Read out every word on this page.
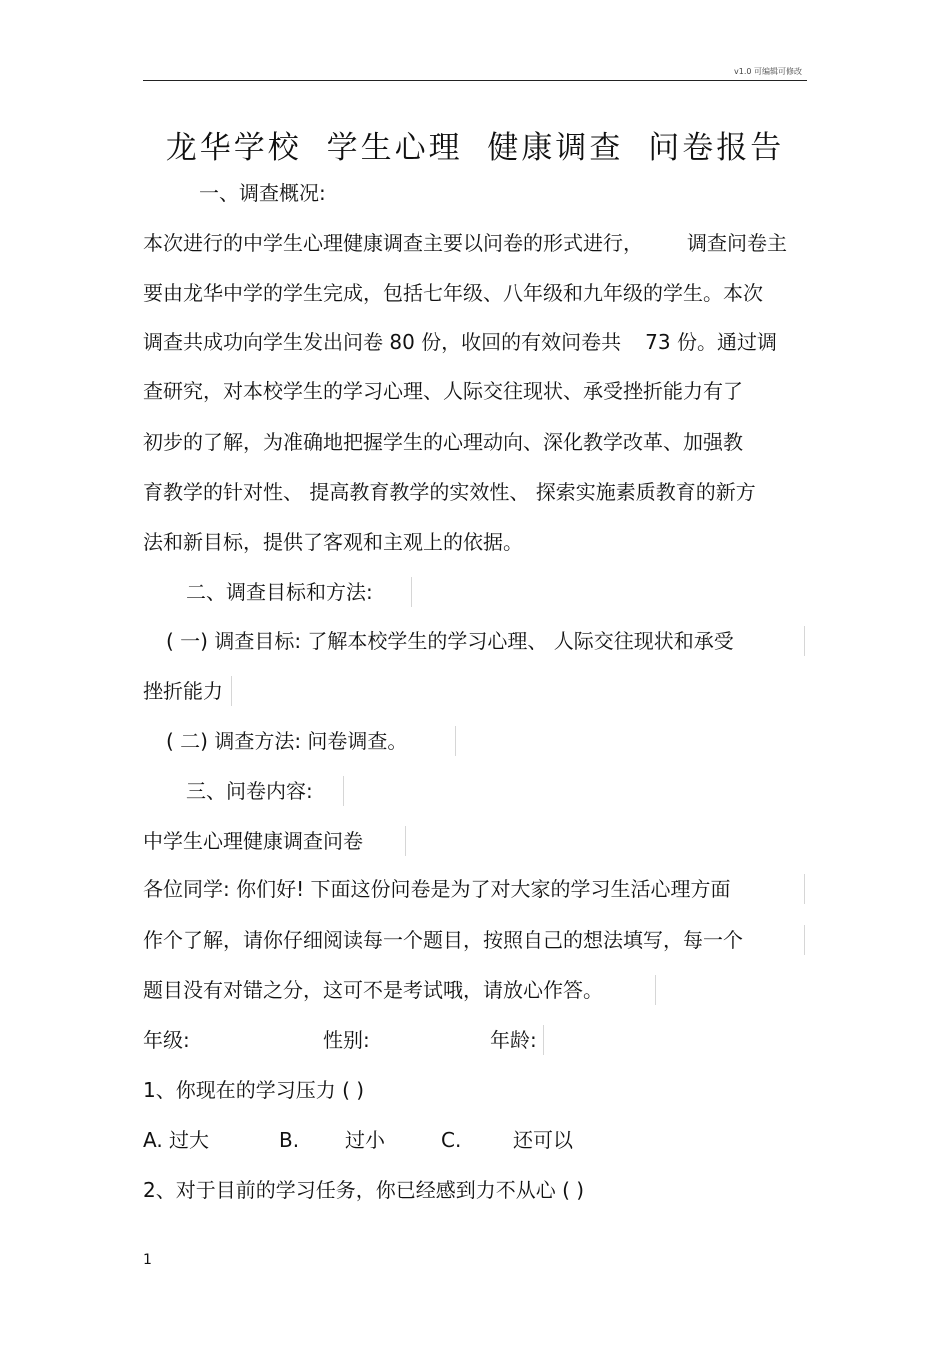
v1.0 可编辑可修改
龙华学校 学生心理 健康调查 问卷报告
一、调查概况:
本次进行的中学生心理健康调查主要以问卷的形式进行， 调查问卷主
要由龙华中学的学生完成，包括七年级、八年级和九年级的学生。本次
调查共成功向学生发出问卷 80 份，收回的有效问卷共 73 份。通过调
查研究，对本校学生的学习心理、人际交往现状、承受挫折能力有了
初步的了解，为准确地把握学生的心理动向、深化教学改革、加强教
育教学的针对性、 提高教育教学的实效性、 探索实施素质教育的新方
法和新目标，提供了客观和主观上的依据。
二、调查目标和方法:
( 一) 调查目标: 了解本校学生的学习心理、 人际交往现状和承受
挫折能力
( 二) 调查方法: 问卷调查。
三、问卷内容:
中学生心理健康调查问卷
各位同学: 你们好! 下面这份问卷是为了对大家的学习生活心理方面
作个了解，请你仔细阅读每一个题目，按照自己的想法填写，每一个
题目没有对错之分，这可不是考试哦，请放心作答。
年级:	性别:	年龄:
1、你现在的学习压力 ( )
A. 过大	B. 过小	C.	还可以
2、对于目前的学习任务，你已经感到力不从心 ( )
1
